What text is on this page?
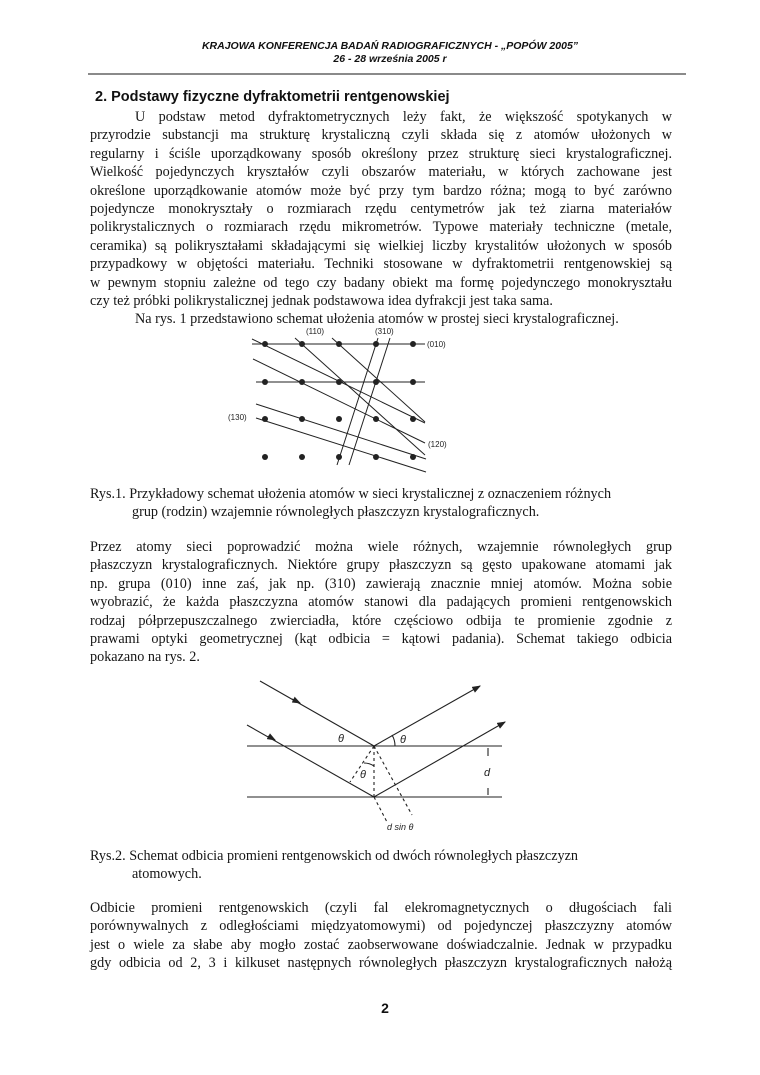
KRAJOWA KONFERENCJA BADAŃ RADIOGRAFICZNYCH - „POPÓW 2005”
26 - 28 września 2005 r
2. Podstawy fizyczne dyfraktometrii rentgenowskiej
U podstaw metod dyfraktometrycznych leży fakt, że większość spotykanych w
przyrodzie substancji ma strukturę krystaliczną czyli składa się z atomów ułożonych w
regularny i ściśle uporządkowany sposób określony przez strukturę sieci krystalograficznej.
Wielkość pojedynczych kryształów czyli obszarów materiału, w których zachowane jest
określone uporządkowanie atomów może być przy tym bardzo różna; mogą to być zarówno
pojedyncze monokryształy o rozmiarach rzędu centymetrów jak też ziarna materiałów
polikrystalicznych o rozmiarach rzędu mikrometrów. Typowe materiały techniczne (metale,
ceramika) są polikryształami składającymi się wielkiej liczby krystalitów ułożonych w sposób
przypadkowy w objętości materiału. Techniki stosowane w dyfraktometrii rentgenowskiej są
w pewnym stopniu zależne od tego czy badany obiekt ma formę pojedynczego monokryształu
czy też próbki polikrystalicznej jednak podstawowa idea dyfrakcji jest taka sama.
Na rys. 1 przedstawiono schemat ułożenia atomów w prostej sieci krystalograficznej.
(110)	(310)
(010)
(130)
(120)
Rys.1. Przykładowy schemat ułożenia atomów w sieci krystalicznej z oznaczeniem różnych
grup (rodzin) wzajemnie równoległych płaszczyzn krystalograficznych.
Przez atomy sieci poprowadzić można wiele różnych, wzajemnie równoległych grup
płaszczyzn krystalograficznych. Niektóre grupy płaszczyzn są gęsto upakowane atomami jak
np. grupa (010) inne zaś, jak np. (310) zawierają znacznie mniej atomów. Można sobie
wyobrazić, że każda płaszczyzna atomów stanowi dla padających promieni rentgenowskich
rodzaj półprzepuszczalnego zwierciadła, które częściowo odbija te promienie zgodnie z
prawami optyki geometrycznej (kąt odbicia = kątowi padania). Schemat takiego odbicia
pokazano na rys. 2.
θ	θ
θ	d
d sin θ
Rys.2. Schemat odbicia promieni rentgenowskich od dwóch równoległych płaszczyzn
atomowych.
Odbicie promieni rentgenowskich (czyli fal elekromagnetycznych o długościach fali
porównywalnych z odległościami międzyatomowymi) od pojedynczej płaszczyzny atomów
jest o wiele za słabe aby mogło zostać zaobserwowane doświadczalnie. Jednak w przypadku
gdy odbicia od 2, 3 i kilkuset następnych równoległych płaszczyzn krystalograficznych nałożą
2
